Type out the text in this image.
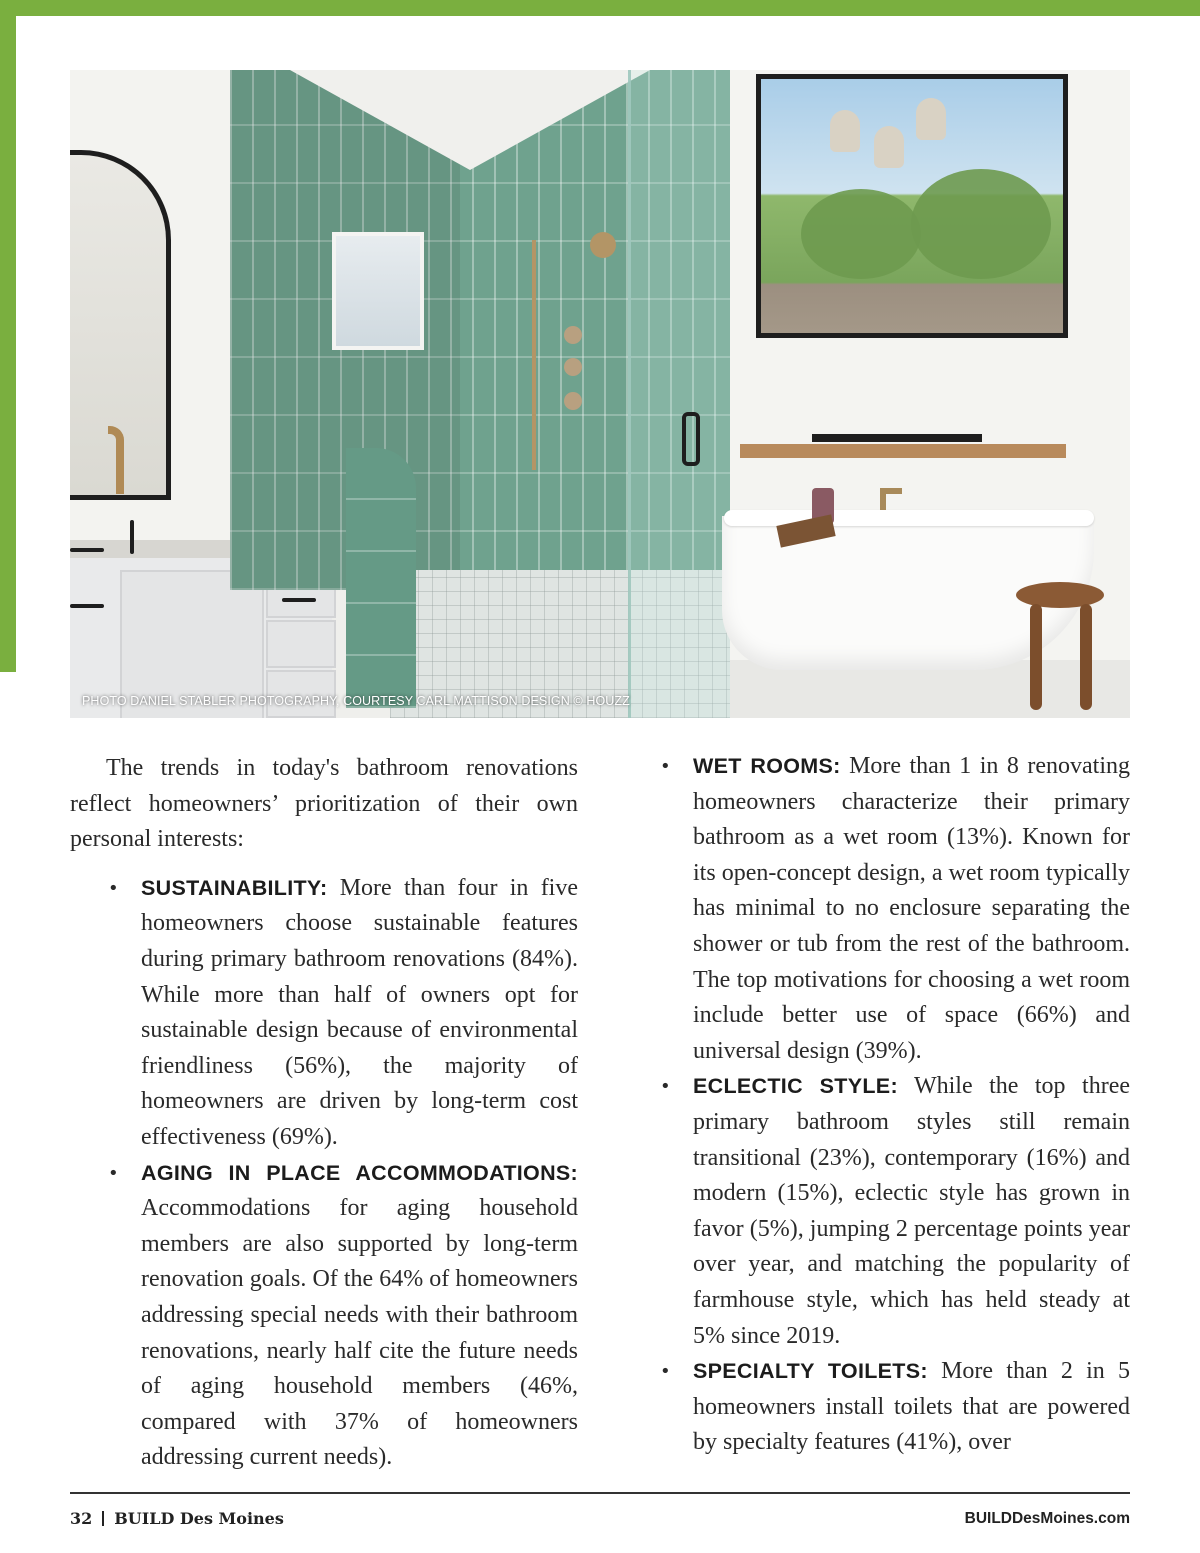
PHOTO DANIEL STABLER PHOTOGRAPHY, COURTESY CARL MATTISON DESIGN © HOUZZ

The trends in today's bathroom renovations reflect homeowners’ prioritization of their own personal interests:

• SUSTAINABILITY: More than four in five homeowners choose sustainable features during primary bathroom renovations (84%). While more than half of owners opt for sustainable design because of environmental friendliness (56%), the majority of homeowners are driven by long-term cost effectiveness (69%).
• AGING IN PLACE ACCOMMODATIONS: Accommodations for aging household members are also supported by long-term renovation goals. Of the 64% of homeowners addressing special needs with their bathroom renovations, nearly half cite the future needs of aging household members (46%, compared with 37% of homeowners addressing current needs).
• WET ROOMS: More than 1 in 8 renovating homeowners characterize their primary bathroom as a wet room (13%). Known for its open-concept design, a wet room typically has minimal to no enclosure separating the shower or tub from the rest of the bathroom. The top motivations for choosing a wet room include better use of space (66%) and universal design (39%).
• ECLECTIC STYLE: While the top three primary bathroom styles still remain transitional (23%), contemporary (16%) and modern (15%), eclectic style has grown in favor (5%), jumping 2 percentage points year over year, and matching the popularity of farmhouse style, which has held steady at 5% since 2019.
• SPECIALTY TOILETS: More than 2 in 5 homeowners install toilets that are powered by specialty features (41%), over
32 BUILD Des Moines	BUILDDesMoines.com
